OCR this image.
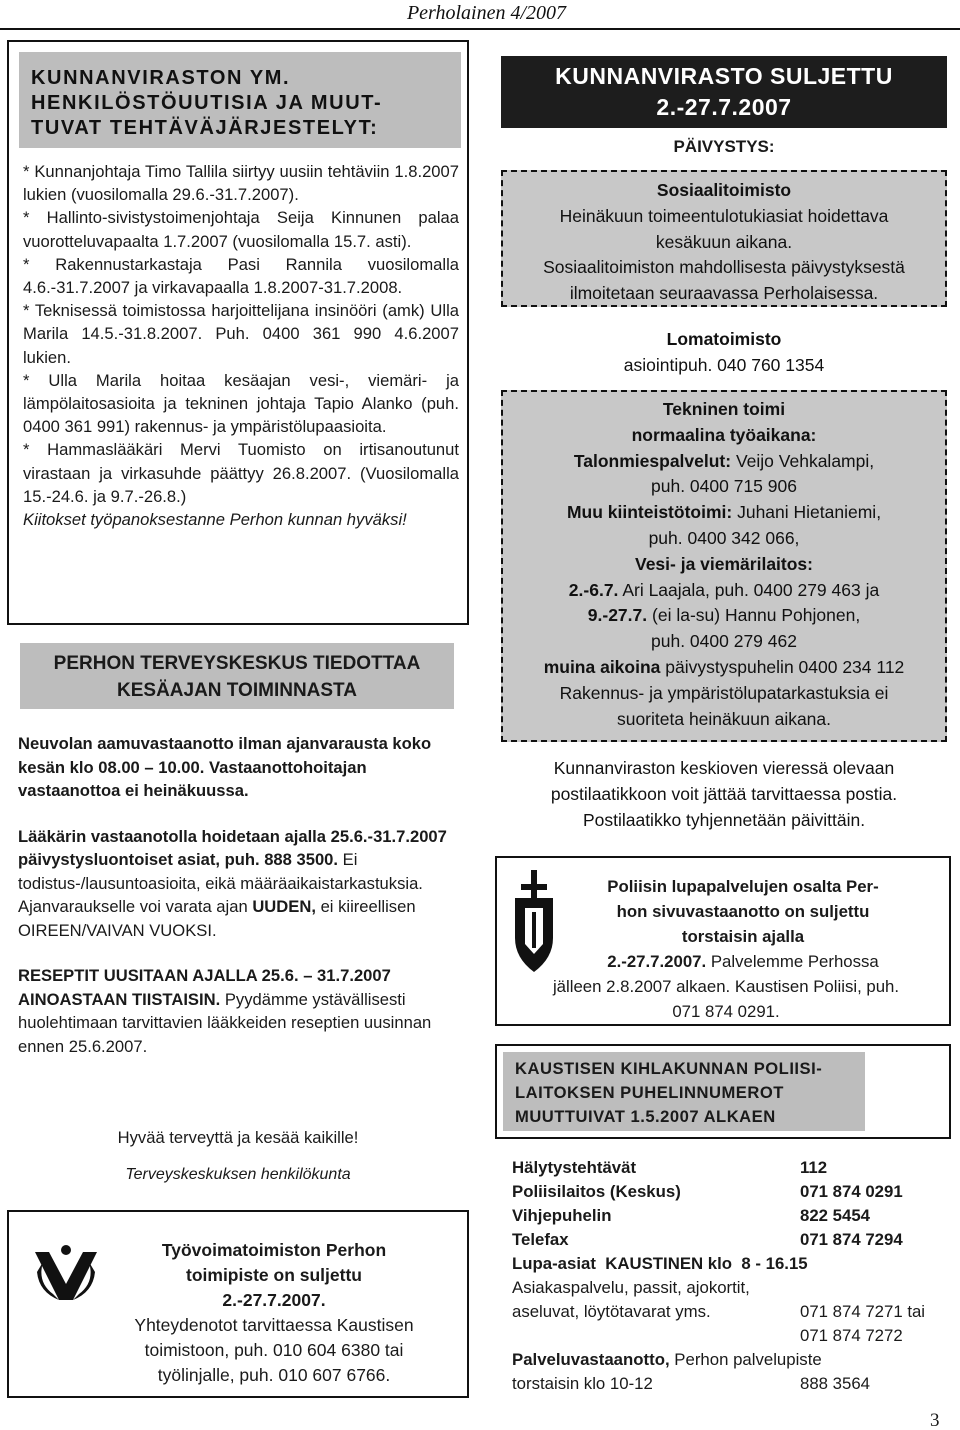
Perholainen 4/2007
KUNNANVIRASTON YM.
HENKILÖSTÖUUTISIA JA MUUT-
TUVAT TEHTÄVÄJÄRJESTELYT:

* Kunnanjohtaja Timo Tallila siirtyy uusiin tehtäviin 1.8.2007 lukien (vuosilomalla 29.6.-31.7.2007).

* Hallinto-sivistystoimenjohtaja Seija Kinnunen palaa vuorotteluvapaalta 1.7.2007 (vuosilomalla 15.7. asti).

* Rakennustarkastaja Pasi Rannila vuosilomalla 4.6.-31.7.2007 ja virkavapaalla 1.8.2007-31.7.2008.

* Teknisessä toimistossa harjoittelijana insinööri (amk) Ulla Marila 14.5.-31.8.2007. Puh. 0400 361 990 4.6.2007 lukien.

* Ulla Marila hoitaa kesäajan vesi-, viemäri- ja lämpölaitosasioita ja tekninen johtaja Tapio Alanko (puh. 0400 361 991) rakennus- ja ympäristölupaasioita.

* Hammaslääkäri Mervi Tuomisto on irtisanoutunut virastaan ja virkasuhde päättyy 26.8.2007. (Vuosilomalla 15.-24.6. ja 9.7.-26.8.)

Kiitokset työpanoksestanne Perhon kunnan hyväksi!

PERHON TERVEYSKESKUS TIEDOTTAA
KESÄAJAN TOIMINNASTA
Neuvolan aamuvastaanotto ilman ajanvarausta koko kesän klo 08.00 – 10.00. Vastaanottohoitajan vastaanottoa ei heinäkuussa.
Lääkärin vastaanotolla hoidetaan ajalla 25.6.-31.7.2007 päivystysluontoiset asiat, puh. 888 3500. Ei todistus-/lausuntoasioita, eikä määräaikaistarkastuksia. Ajanvaraukselle voi varata ajan UUDEN, ei kiireellisen OIREEN/VAIVAN VUOKSI.
RESEPTIT UUSITAAN AJALLA 25.6. – 31.7.2007 AINOASTAAN TIISTAISIN. Pyydämme ystävällisesti huolehtimaan tarvittavien lääkkeiden reseptien uusinnan ennen 25.6.2007.
Hyvää terveyttä ja kesää kaikille!
Terveyskeskuksen henkilökunta
Työvoimatoimiston Perhon
toimipiste on suljettu
2.-27.7.2007.
Yhteydenotot tarvittaessa Kaustisen
toimistoon, puh. 010 604 6380 tai
työlinjalle, puh. 010 607 6766.
KUNNANVIRASTO SULJETTU
2.-27.7.2007
PÄIVYSTYS:
Sosiaalitoimisto
Heinäkuun toimeentulotukiasiat hoidettava
kesäkuun aikana.
Sosiaalitoimiston mahdollisesta päivystyksestä
ilmoitetaan seuraavassa Perholaisessa.
Lomatoimisto
asiointipuh. 040 760 1354
Tekninen toimi
normaalina työaikana:
Talonmiespalvelut: Veijo Vehkalampi,
puh. 0400 715 906
Muu kiinteistötoimi: Juhani Hietaniemi,
puh. 0400 342 066,
Vesi- ja viemärilaitos:
2.-6.7. Ari Laajala, puh. 0400 279 463 ja
9.-27.7. (ei la-su) Hannu Pohjonen,
puh. 0400 279 462
muina aikoina päivystyspuhelin 0400 234 112
Rakennus- ja ympäristölupatarkastuksia ei
suoriteta heinäkuun aikana.
Kunnanviraston keskioven vieressä olevaan
postilaatikkoon voit jättää tarvittaessa postia.
Postilaatikko tyhjennetään päivittäin.
Poliisin lupapalvelujen osalta Per-
hon sivuvastaanotto on suljettu
torstaisin ajalla
2.-27.7.2007. Palvelemme Perhossa
jälleen 2.8.2007 alkaen. Kaustisen Poliisi, puh.
071 874 0291.
KAUSTISEN KIHLAKUNNAN POLIISI-
LAITOKSEN PUHELINNUMEROT
MUUTTUIVAT 1.5.2007 ALKAEN
Hälytystehtävät	112
Poliisilaitos (Keskus)	071 874 0291
Vihjepuhelin	822 5454
Telefax	071 874 7294
Lupa-asiat  KAUSTINEN klo  8 - 16.15
Asiakaspalvelu, passit, ajokortit,
aseluvat, löytötavarat yms.	071 874 7271 tai
071 874 7272
Palveluvastaanotto, Perhon palvelupiste
torstaisin klo 10-12	888 3564
3
